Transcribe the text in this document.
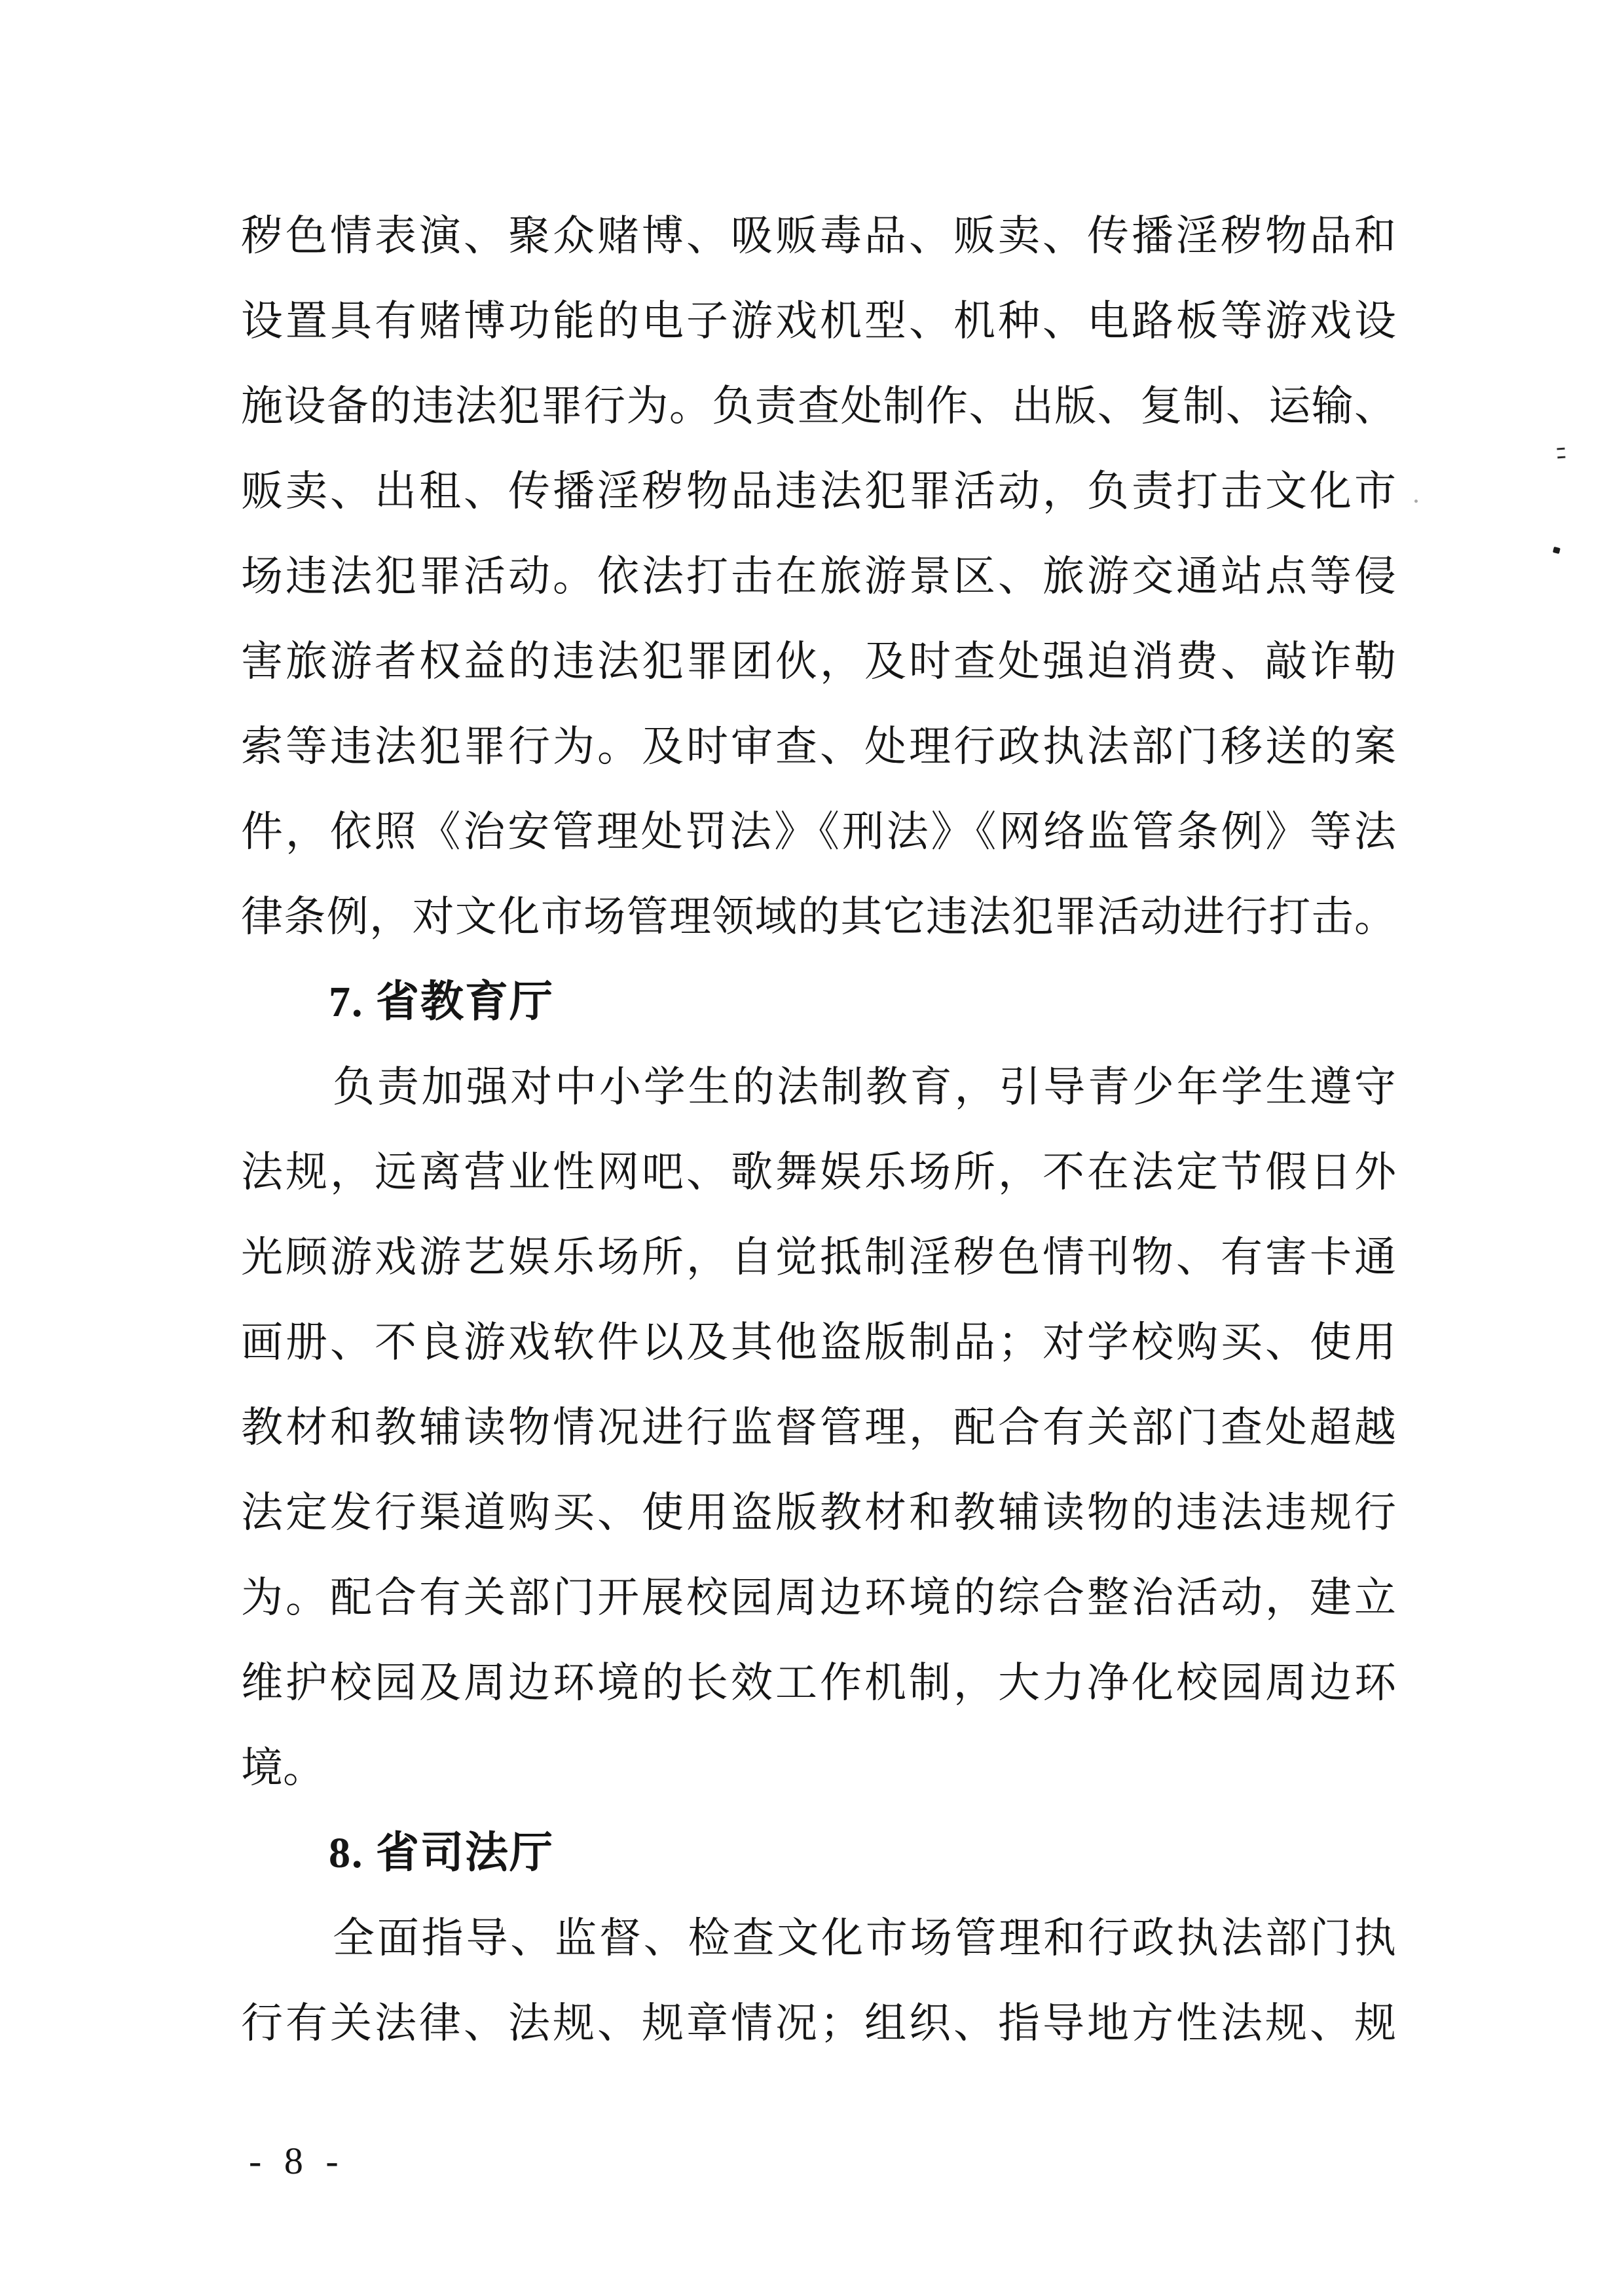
秽色情表演、聚众赌博、吸贩毒品、贩卖、传播淫秽物品和
设置具有赌博功能的电子游戏机型、机种、电路板等游戏设
施设备的违法犯罪行为。负责查处制作、出版、复制、运输、
贩卖、出租、传播淫秽物品违法犯罪活动，负责打击文化市
场违法犯罪活动。依法打击在旅游景区、旅游交通站点等侵
害旅游者权益的违法犯罪团伙，及时查处强迫消费、敲诈勒
索等违法犯罪行为。及时审查、处理行政执法部门移送的案
件，依照《治安管理处罚法》《刑法》《网络监管条例》等法
律条例，对文化市场管理领域的其它违法犯罪活动进行打击。
7. 省教育厅
负责加强对中小学生的法制教育，引导青少年学生遵守
法规，远离营业性网吧、歌舞娱乐场所，不在法定节假日外
光顾游戏游艺娱乐场所，自觉抵制淫秽色情刊物、有害卡通
画册、不良游戏软件以及其他盗版制品；对学校购买、使用
教材和教辅读物情况进行监督管理，配合有关部门查处超越
法定发行渠道购买、使用盗版教材和教辅读物的违法违规行
为。配合有关部门开展校园周边环境的综合整治活动，建立
维护校园及周边环境的长效工作机制，大力净化校园周边环
境。
8. 省司法厅
全面指导、监督、检查文化市场管理和行政执法部门执
行有关法律、法规、规章情况；组织、指导地方性法规、规
- 8 -
